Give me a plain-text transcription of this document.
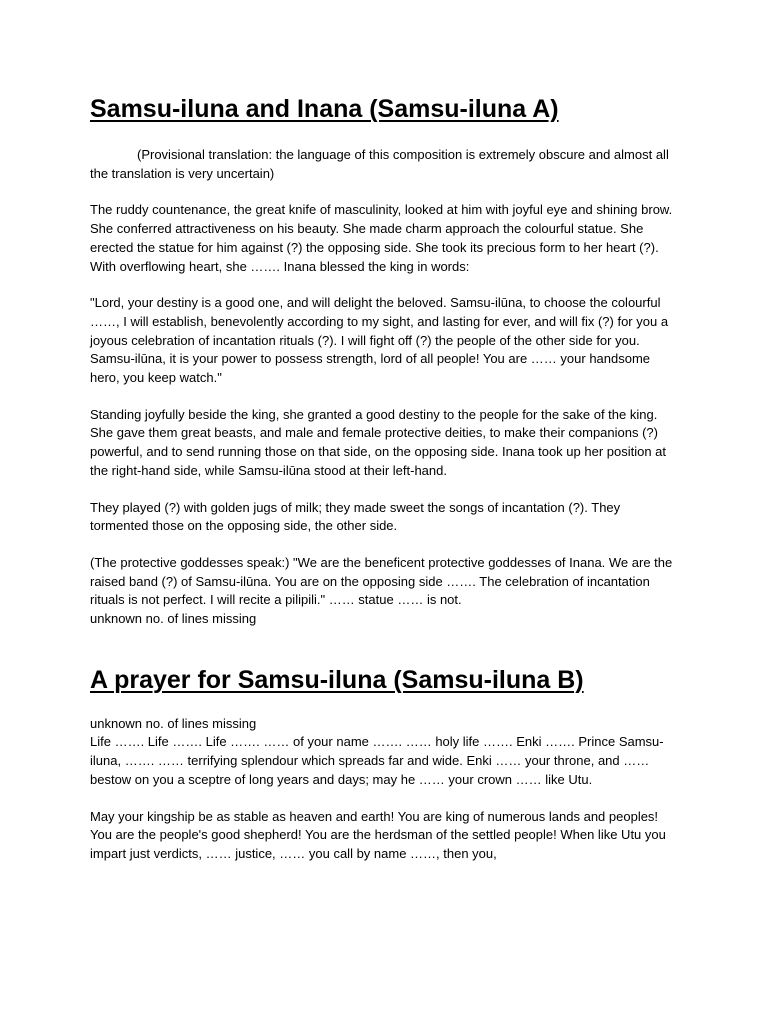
Samsu-iluna and Inana (Samsu-iluna A)

(Provisional translation: the language of this composition is extremely obscure and almost all the translation is very uncertain)

The ruddy countenance, the great knife of masculinity, looked at him with joyful eye and shining brow. She conferred attractiveness on his beauty. She made charm approach the colourful statue. She erected the statue for him against (?) the opposing side. She took its precious form to her heart (?). With overflowing heart, she ……. Inana blessed the king in words:

"Lord, your destiny is a good one, and will delight the beloved. Samsu-ilūna, to choose the colourful ……, I will establish, benevolently according to my sight, and lasting for ever, and will fix (?) for you a joyous celebration of incantation rituals (?). I will fight off (?) the people of the other side for you. Samsu-ilūna, it is your power to possess strength, lord of all people! You are …… your handsome hero, you keep watch."

Standing joyfully beside the king, she granted a good destiny to the people for the sake of the king. She gave them great beasts, and male and female protective deities, to make their companions (?) powerful, and to send running those on that side, on the opposing side. Inana took up her position at the right-hand side, while Samsu-ilūna stood at their left-hand.

They played (?) with golden jugs of milk; they made sweet the songs of incantation (?). They tormented those on the opposing side, the other side.

(The protective goddesses speak:) "We are the beneficent protective goddesses of Inana. We are the raised band (?) of Samsu-ilūna. You are on the opposing side ……. The celebration of incantation rituals is not perfect. I will recite a pilipili." …… statue …… is not.

unknown no. of lines missing

A prayer for Samsu-iluna (Samsu-iluna B)

unknown no. of lines missing

Life ……. Life ……. Life ……. …… of your name ……. …… holy life ……. Enki ……. Prince Samsu-iluna, ……. …… terrifying splendour which spreads far and wide. Enki …… your throne, and …… bestow on you a sceptre of long years and days; may he …… your crown …… like Utu.

May your kingship be as stable as heaven and earth! You are king of numerous lands and peoples! You are the people's good shepherd! You are the herdsman of the settled people! When like Utu you impart just verdicts, …… justice, …… you call by name ……, then you,
